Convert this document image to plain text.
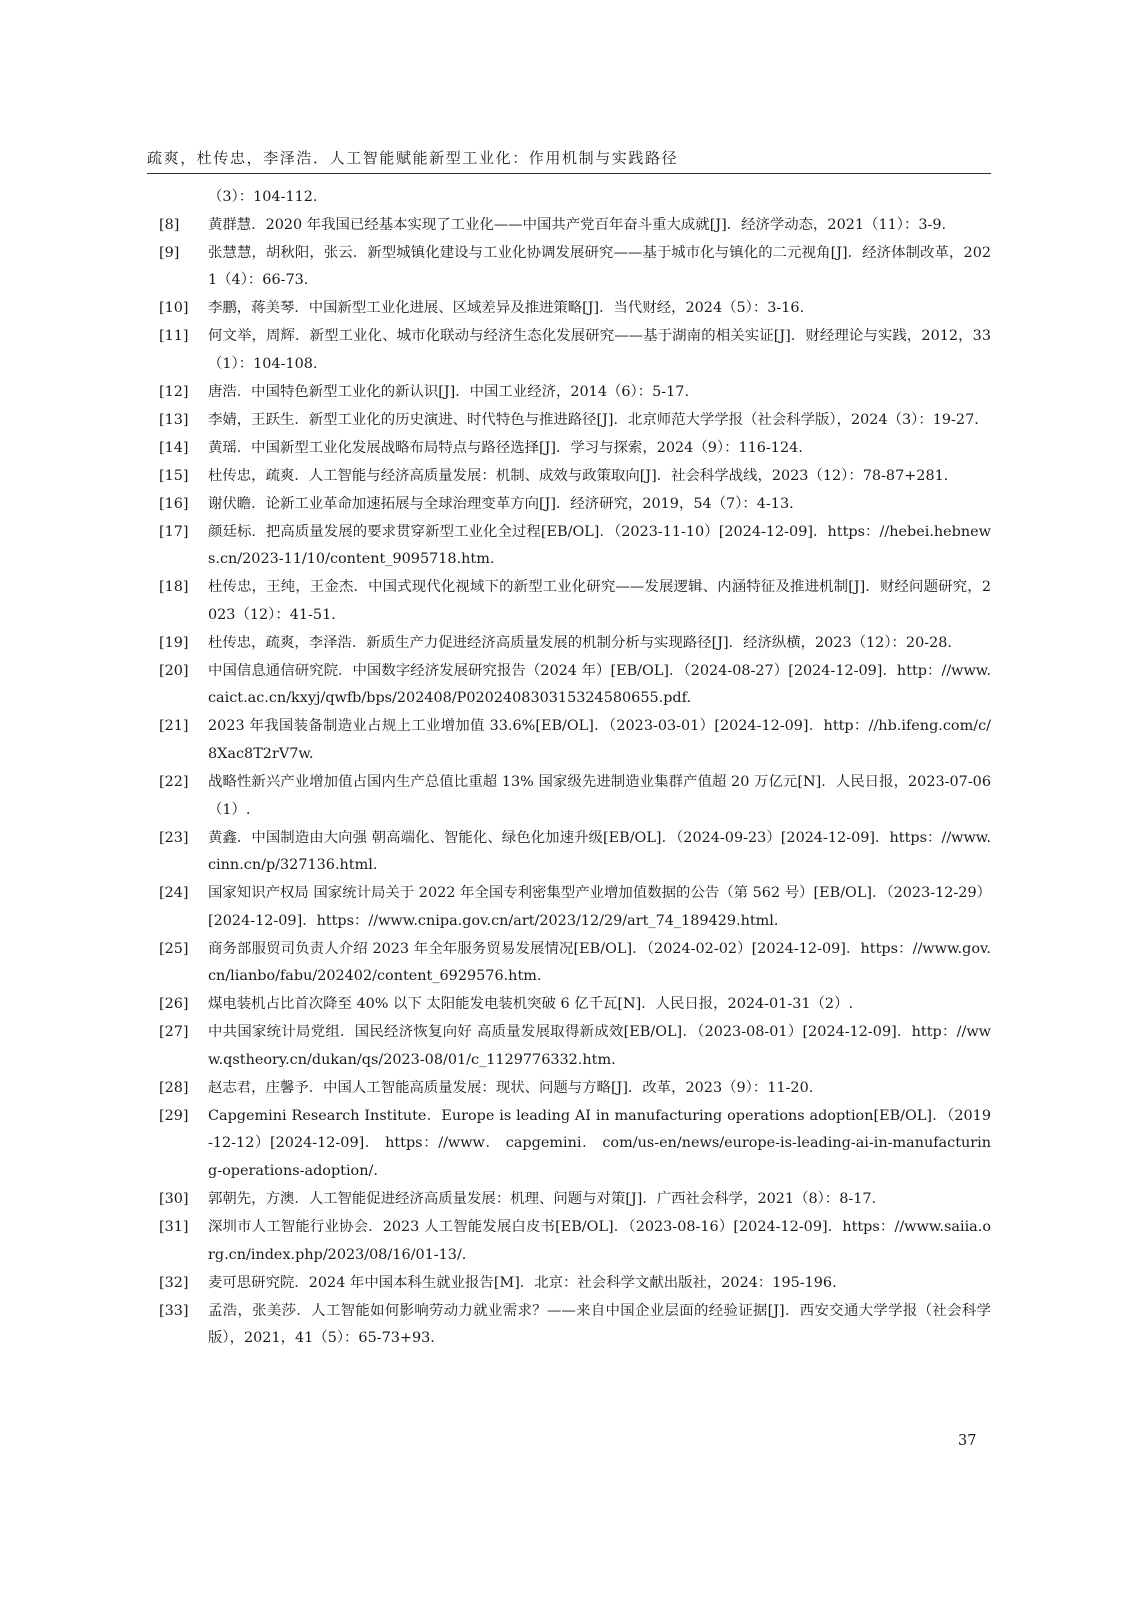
疏爽，杜传忠，李泽浩．人工智能赋能新型工业化：作用机制与实践路径
（3）：104-112.
[8] 黄群慧．2020 年我国已经基本实现了工业化——中国共产党百年奋斗重大成就[J]．经济学动态，2021（11）：3-9.
[9] 张慧慧，胡秋阳，张云．新型城镇化建设与工业化协调发展研究——基于城市化与镇化的二元视角[J]．经济体制改革，2021（4）：66-73.
[10] 李鹏，蒋美琴．中国新型工业化进展、区域差异及推进策略[J]．当代财经，2024（5）：3-16.
[11] 何文举，周辉．新型工业化、城市化联动与经济生态化发展研究——基于湖南的相关实证[J]．财经理论与实践，2012，33（1）：104-108.
[12] 唐浩．中国特色新型工业化的新认识[J]．中国工业经济，2014（6）：5-17.
[13] 李婧，王跃生．新型工业化的历史演进、时代特色与推进路径[J]．北京师范大学学报（社会科学版），2024（3）：19-27.
[14] 黄瑶．中国新型工业化发展战略布局特点与路径选择[J]．学习与探索，2024（9）：116-124.
[15] 杜传忠，疏爽．人工智能与经济高质量发展：机制、成效与政策取向[J]．社会科学战线，2023（12）：78-87+281.
[16] 谢伏瞻．论新工业革命加速拓展与全球治理变革方向[J]．经济研究，2019，54（7）：4-13.
[17] 颜廷标．把高质量发展的要求贯穿新型工业化全过程[EB/OL]．（2023-11-10）[2024-12-09]．https：//hebei.hebnews.cn/2023-11/10/content_9095718.htm.
[18] 杜传忠，王纯，王金杰．中国式现代化视域下的新型工业化研究——发展逻辑、内涵特征及推进机制[J]．财经问题研究，2023（12）：41-51.
[19] 杜传忠，疏爽，李泽浩．新质生产力促进经济高质量发展的机制分析与实现路径[J]．经济纵横，2023（12）：20-28.
[20] 中国信息通信研究院．中国数字经济发展研究报告（2024 年）[EB/OL]．（2024-08-27）[2024-12-09]．http：//www.caict.ac.cn/kxyj/qwfb/bps/202408/P020240830315324580655.pdf.
[21] 2023 年我国装备制造业占规上工业增加值 33.6%[EB/OL]．（2023-03-01）[2024-12-09]．http：//hb.ifeng.com/c/8Xac8T2rV7w.
[22] 战略性新兴产业增加值占国内生产总值比重超 13% 国家级先进制造业集群产值超 20 万亿元[N]．人民日报，2023-07-06（1）.
[23] 黄鑫．中国制造由大向强 朝高端化、智能化、绿色化加速升级[EB/OL]．（2024-09-23）[2024-12-09]．https：//www.cinn.cn/p/327136.html.
[24] 国家知识产权局 国家统计局关于 2022 年全国专利密集型产业增加值数据的公告（第 562 号）[EB/OL]．（2023-12-29）[2024-12-09]．https：//www.cnipa.gov.cn/art/2023/12/29/art_74_189429.html.
[25] 商务部服贸司负责人介绍 2023 年全年服务贸易发展情况[EB/OL]．（2024-02-02）[2024-12-09]．https：//www.gov.cn/lianbo/fabu/202402/content_6929576.htm.
[26] 煤电装机占比首次降至 40% 以下 太阳能发电装机突破 6 亿千瓦[N]．人民日报，2024-01-31（2）.
[27] 中共国家统计局党组．国民经济恢复向好 高质量发展取得新成效[EB/OL]．（2023-08-01）[2024-12-09]．http：//www.qstheory.cn/dukan/qs/2023-08/01/c_1129776332.htm.
[28] 赵志君，庄馨予．中国人工智能高质量发展：现状、问题与方略[J]．改革，2023（9）：11-20.
[29] Capgemini Research Institute．Europe is leading AI in manufacturing operations adoption[EB/OL]．（2019-12-12）[2024-12-09]． https：//www． capgemini． com/us-en/news/europe-is-leading-ai-in-manufacturing-operations-adoption/.
[30] 郭朝先，方澳．人工智能促进经济高质量发展：机理、问题与对策[J]．广西社会科学，2021（8）：8-17.
[31] 深圳市人工智能行业协会．2023 人工智能发展白皮书[EB/OL]．（2023-08-16）[2024-12-09]．https：//www.saiia.org.cn/index.php/2023/08/16/01-13/.
[32] 麦可思研究院．2024 年中国本科生就业报告[M]．北京：社会科学文献出版社，2024：195-196.
[33] 孟浩，张美莎．人工智能如何影响劳动力就业需求？——来自中国企业层面的经验证据[J]．西安交通大学学报（社会科学版），2021，41（5）：65-73+93.
37
